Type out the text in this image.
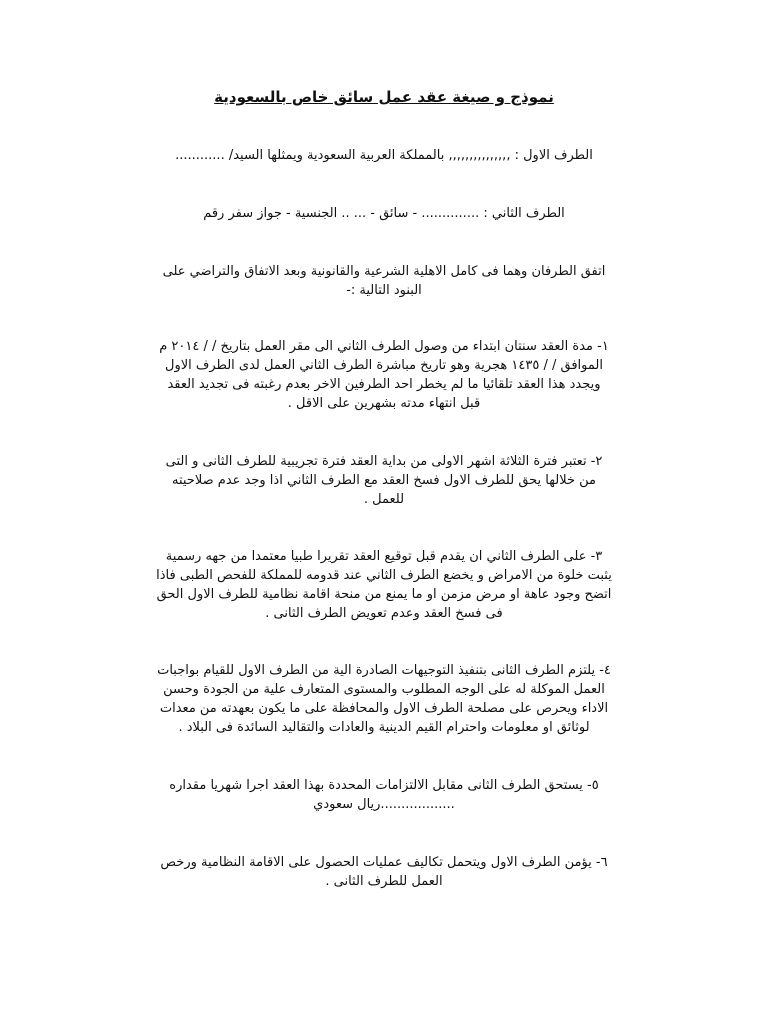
نموذج و صيغة عقد عمل سائق خاص بالسعودية
الطرف الاول : ,,,,,,,,,,,,,,, بالمملكة العربية السعودية ويمثلها السيد/ ............
الطرف الثاني : .............. - سائق - ... .. الجنسية - جواز سفر رقم
اتفق الطرفان وهما فى كامل الاهلية الشرعية والقانونية وبعد الاتفاق والتراضي على
البنود التالية :-
١- مدة العقد سنتان ابتداء من وصول الطرف الثاني الى مقر العمل بتاريخ / / ٢٠١٤ م
الموافق / / ١٤٣٥ هجرية وهو تاريخ مباشرة الطرف الثاني العمل لدى الطرف الاول
ويجدد هذا العقد تلقائيا ما لم يخطر احد الطرفين الاخر بعدم رغبته فى تجديد العقد
قبل انتهاء مدته بشهرين على الاقل .
٢- تعتبر فترة الثلاثة اشهر الاولى من بداية العقد فترة تجريبية للطرف الثانى و التى
من خلالها يحق للطرف الاول فسخ العقد مع الطرف الثاني اذا وجد عدم صلاحيته
للعمل .
٣- على الطرف الثاني ان يقدم قبل توقيع العقد تقريرا طبيا معتمدا من جهه رسمية
يثبت خلوة من الامراض و يخضع الطرف الثاني عند قدومه للمملكة للفحص الطبى فاذا
اتضح وجود عاهة او مرض مزمن او ما يمنع من منحة اقامة نظامية للطرف الاول الحق
فى فسخ العقد وعدم تعويض الطرف الثانى .
٤- يلتزم الطرف الثانى بتنفيذ التوجيهات الصادرة الية من الطرف الاول للقيام بواجبات
العمل الموكلة له على الوجه المطلوب والمستوى المتعارف علية من الجودة وحسن
الاداء ويحرص على مصلحة الطرف الاول والمحافظة على ما يكون بعهدته من معدات
لوثائق او معلومات واحترام القيم الدينية والعادات والتقاليد السائدة فى البلاد .
٥- يستحق الطرف الثانى مقابل الالتزامات المحددة بهذا العقد اجرا شهريا مقداره
..................ريال سعودي
٦- يؤمن الطرف الاول ويتحمل تكاليف عمليات الحصول على الاقامة النظامية ورخص
العمل للطرف الثانى .
